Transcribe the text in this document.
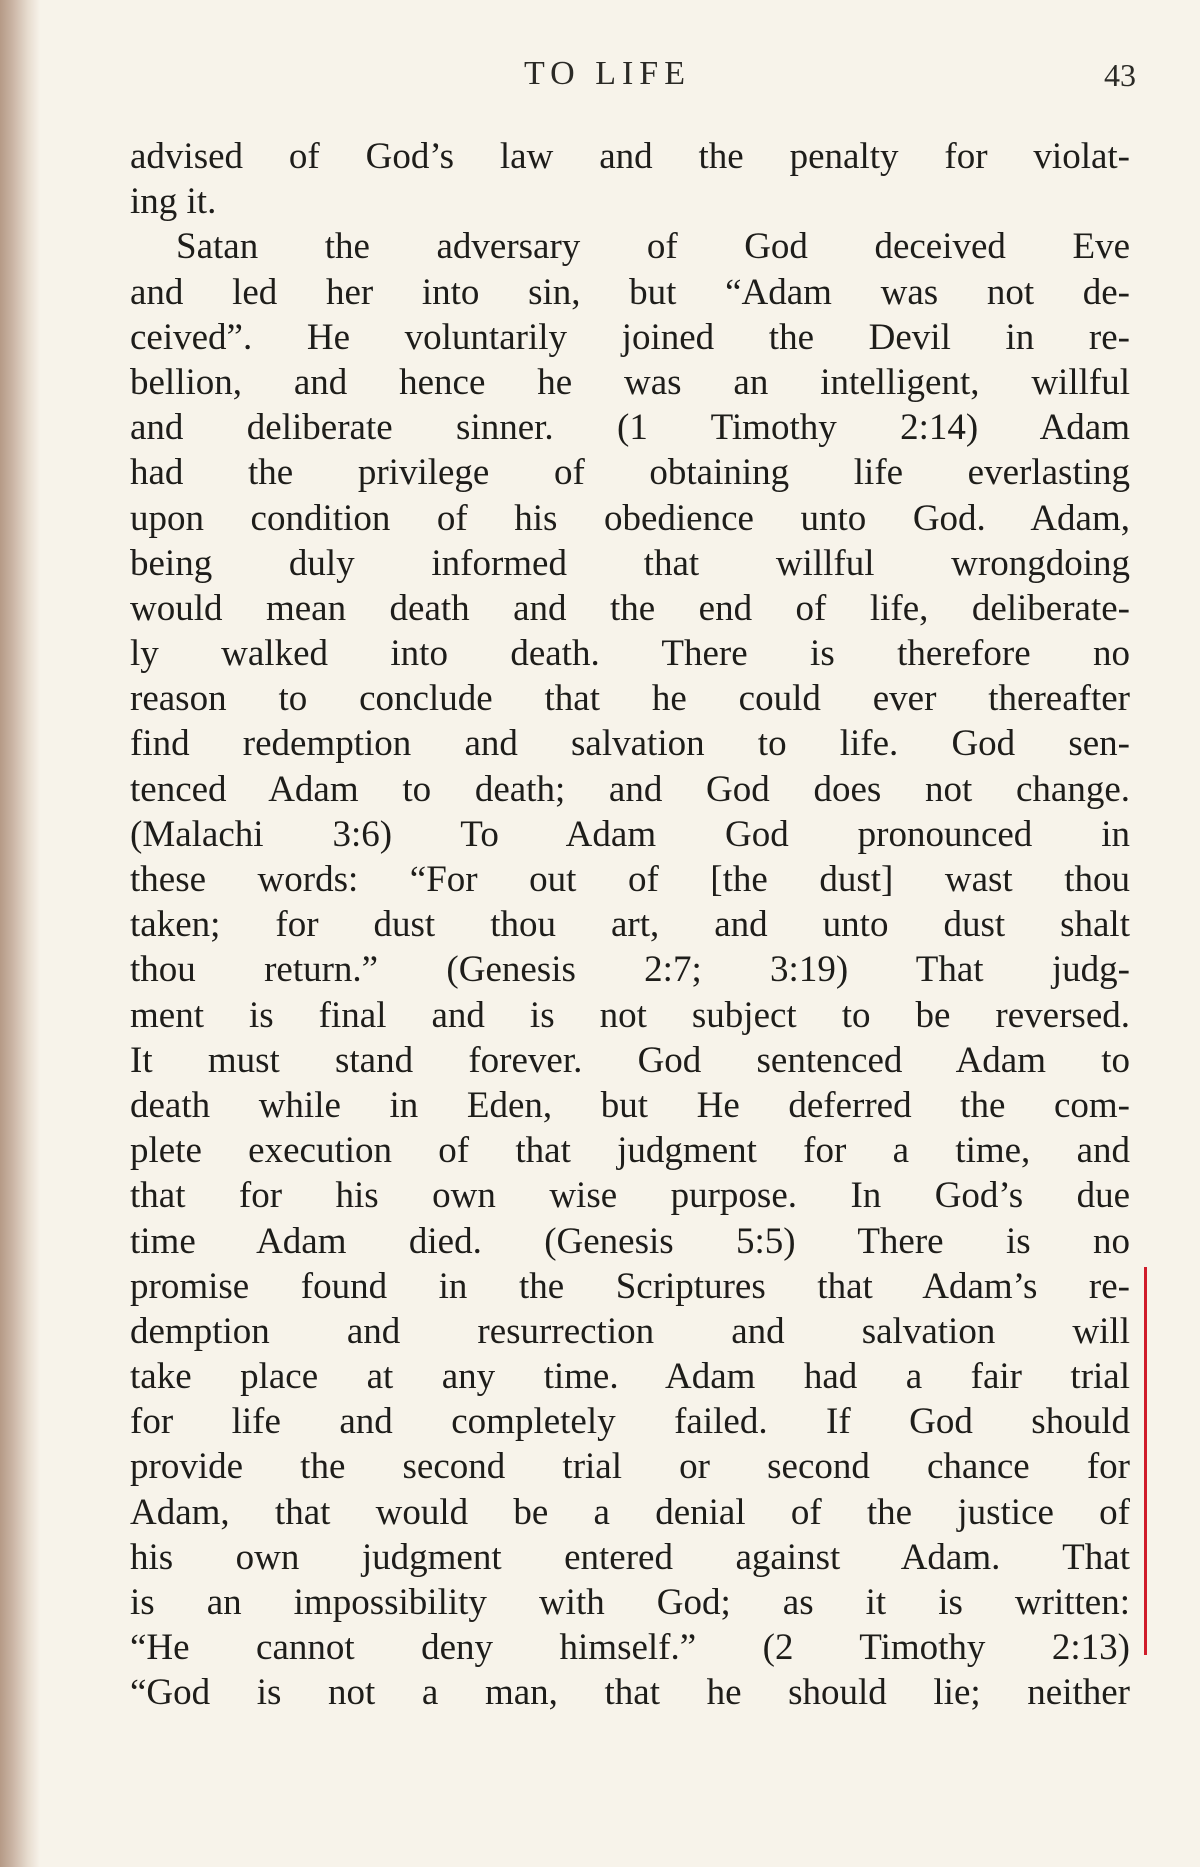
TO LIFE	43
advised of God’s law and the penalty for violat-
ing it.
Satan the adversary of God deceived Eve
and led her into sin, but “Adam was not de-
ceived”. He voluntarily joined the Devil in re-
bellion, and hence he was an intelligent, willful
and deliberate sinner. (1 Timothy 2:14) Adam
had the privilege of obtaining life everlasting
upon condition of his obedience unto God. Adam,
being duly informed that willful wrongdoing
would mean death and the end of life, deliberate-
ly walked into death. There is therefore no
reason to conclude that he could ever thereafter
find redemption and salvation to life. God sen-
tenced Adam to death; and God does not change.
(Malachi 3:6) To Adam God pronounced in
these words: “For out of [the dust] wast thou
taken; for dust thou art, and unto dust shalt
thou return.” (Genesis 2:7; 3:19) That judg-
ment is final and is not subject to be reversed.
It must stand forever. God sentenced Adam to
death while in Eden, but He deferred the com-
plete execution of that judgment for a time, and
that for his own wise purpose. In God’s due
time Adam died. (Genesis 5:5) There is no
promise found in the Scriptures that Adam’s re-
demption and resurrection and salvation will
take place at any time. Adam had a fair trial
for life and completely failed. If God should
provide the second trial or second chance for
Adam, that would be a denial of the justice of
his own judgment entered against Adam. That
is an impossibility with God; as it is written:
“He cannot deny himself.” (2 Timothy 2:13)
“God is not a man, that he should lie; neither
